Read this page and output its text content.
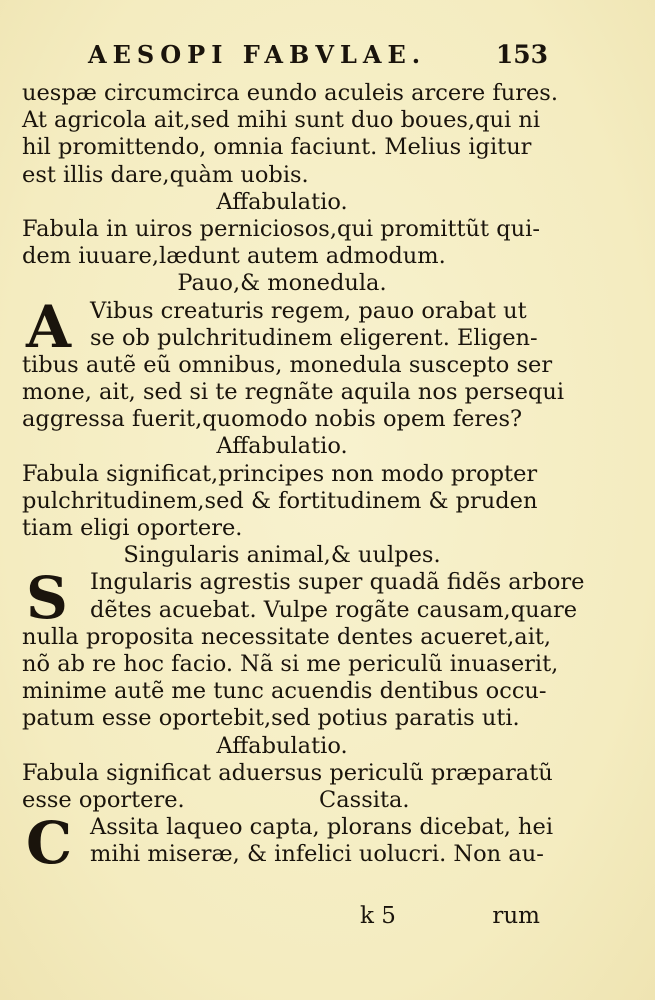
AESOPI FABVLAE.	153
uespæ circumcirca eundo aculeis arcere fures.
At agricola ait,sed mihi sunt duo boues,qui ni
hil promittendo, omnia faciunt. Melius igitur
est illis dare,quàm uobis.
Affabulatio.
Fabula in uiros perniciosos,qui promittũt qui-
dem iuuare,lædunt autem admodum.
Pauo,& monedula.
A Vibus creaturis regem, pauo orabat ut
se ob pulchritudinem eligerent. Eligen-
tibus autẽ eũ omnibus, monedula suscepto ser
mone, ait, sed si te regnãte aquila nos persequi
aggressa fuerit,quomodo nobis opem feres?
Affabulatio.
Fabula significat,principes non modo propter
pulchritudinem,sed & fortitudinem & pruden
tiam eligi oportere.
Singularis animal,& uulpes.
S Ingularis agrestis super quadã fidẽs arbore
dẽtes acuebat. Vulpe rogãte causam,quare
nulla proposita necessitate dentes acueret,ait,
nõ ab re hoc facio. Nã si me periculũ inuaserit,
minime autẽ me tunc acuendis dentibus occu-
patum esse oportebit,sed potius paratis uti.
Affabulatio.
Fabula significat aduersus periculũ præparatũ
esse oportere.	Cassita.
C Assita laqueo capta, plorans dicebat, hei
mihi miseræ, & infelici uolucri. Non au-
k 5	rum
